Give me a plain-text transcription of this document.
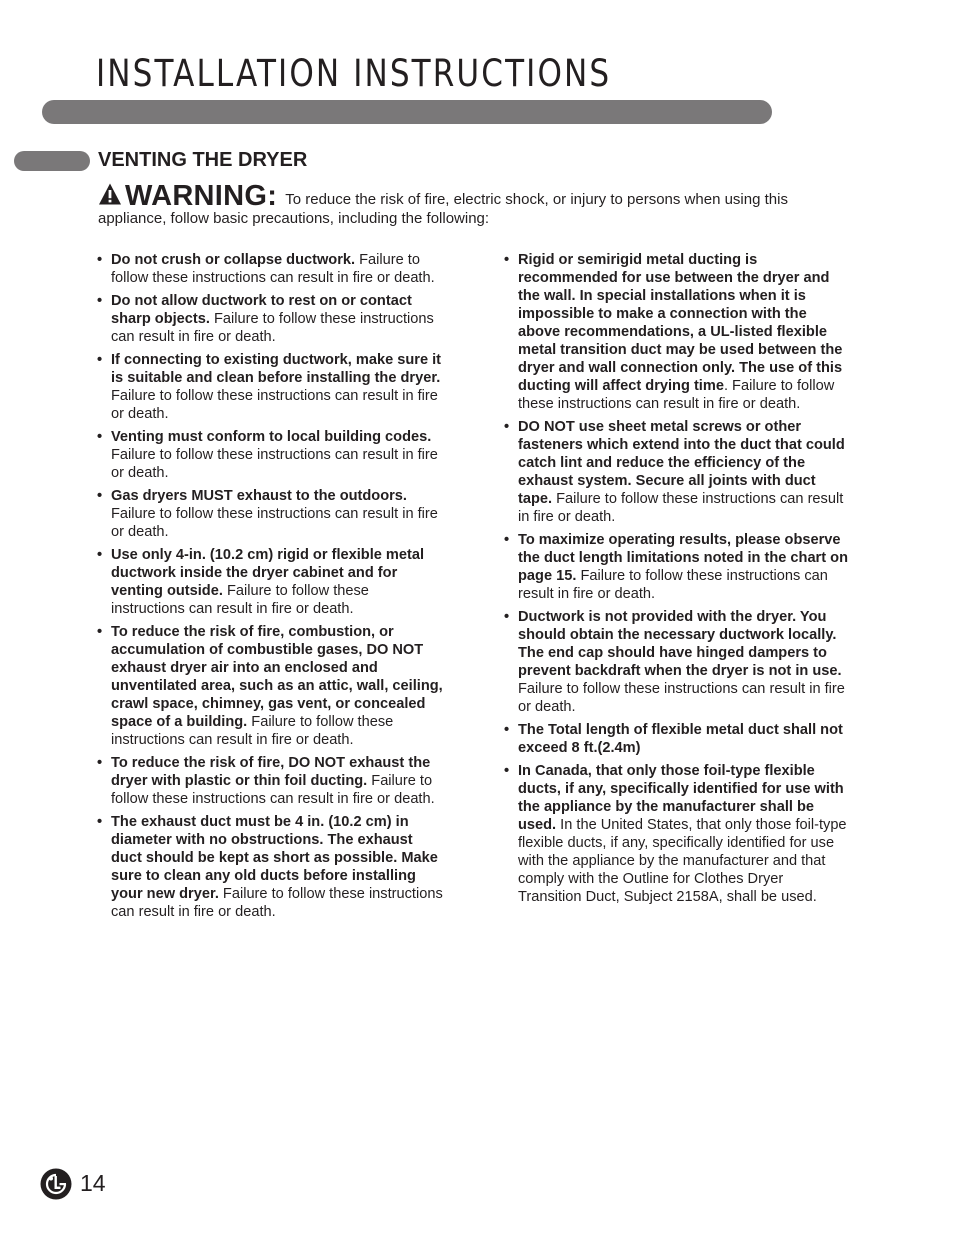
INSTALLATION INSTRUCTIONS
VENTING THE DRYER
WARNING: To reduce the risk of fire, electric shock, or injury to persons when using this appliance, follow basic precautions, including the following:
• Do not crush or collapse ductwork. Failure to follow these instructions can result in fire or death.
• Do not allow ductwork to rest on or contact sharp objects. Failure to follow these instructions can result in fire or death.
• If connecting to existing ductwork, make sure it is suitable and clean before installing the dryer. Failure to follow these instructions can result in fire or death.
• Venting must conform to local building codes. Failure to follow these instructions can result in fire or death.
• Gas dryers MUST exhaust to the outdoors. Failure to follow these instructions can result in fire or death.
• Use only 4-in. (10.2 cm) rigid or flexible metal ductwork inside the dryer cabinet and for venting outside. Failure to follow these instructions can result in fire or death.
• To reduce the risk of fire, combustion, or accumulation of combustible gases, DO NOT exhaust dryer air into an enclosed and unventilated area, such as an attic, wall, ceiling, crawl space, chimney, gas vent, or concealed space of a building. Failure to follow these instructions can result in fire or death.
• To reduce the risk of fire, DO NOT exhaust the dryer with plastic or thin foil ducting. Failure to follow these instructions can result in fire or death.
• The exhaust duct must be 4 in. (10.2 cm) in diameter with no obstructions. The exhaust duct should be kept as short as possible. Make sure to clean any old ducts before installing your new dryer. Failure to follow these instructions can result in fire or death.
• Rigid or semirigid metal ducting is recommended for use between the dryer and the wall. In special installations when it is impossible to make a connection with the above recommendations, a UL-listed flexible metal transition duct may be used between the dryer and wall connection only. The use of this ducting will affect drying time. Failure to follow these instructions can result in fire or death.
• DO NOT use sheet metal screws or other fasteners which extend into the duct that could catch lint and reduce the efficiency of the exhaust system. Secure all joints with duct tape. Failure to follow these instructions can result in fire or death.
• To maximize operating results, please observe the duct length limitations noted in the chart on page 15. Failure to follow these instructions can result in fire or death.
• Ductwork is not provided with the dryer. You should obtain the necessary ductwork locally. The end cap should have hinged dampers to prevent backdraft when the dryer is not in use. Failure to follow these instructions can result in fire or death.
• The Total length of flexible metal duct shall not exceed 8 ft.(2.4m)
• In Canada, that only those foil-type flexible ducts, if any, specifically identified for use with the appliance by the manufacturer shall be used. In the United States, that only those foil-type flexible ducts, if any, specifically identified for use with the appliance by the manufacturer and that comply with the Outline for Clothes Dryer Transition Duct, Subject 2158A, shall be used.
14
